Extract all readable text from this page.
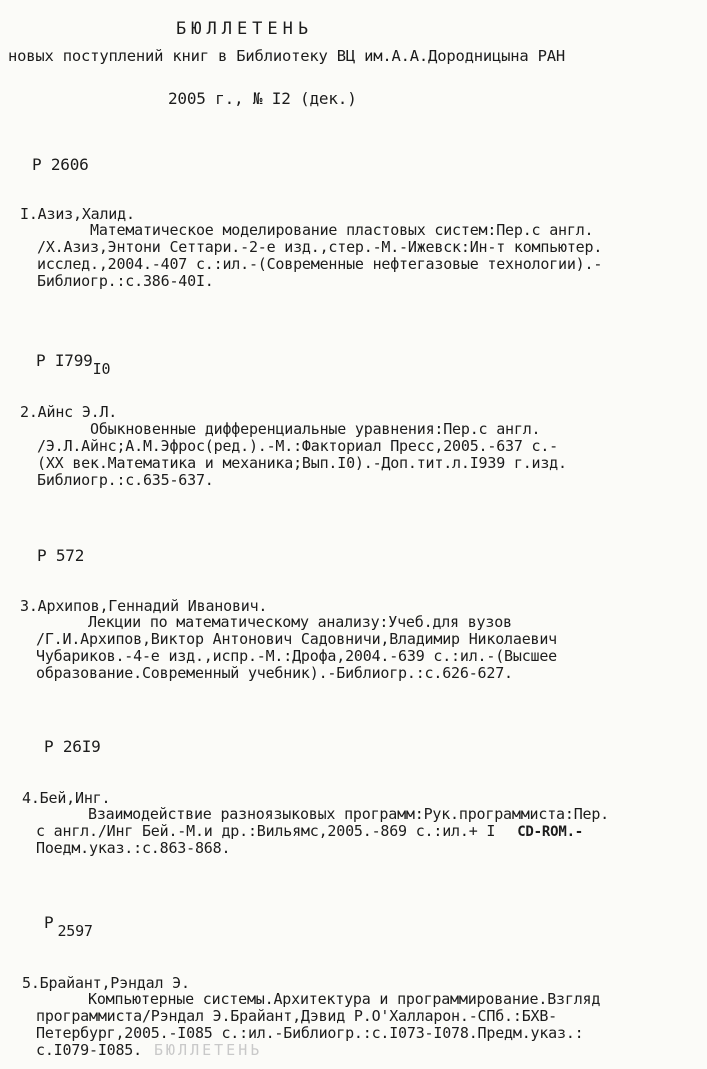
БЮЛЛЕТЕНЬ
новых поступлений книг в Библиотеку ВЦ им.А.А.Дородницына РАН
2005 г., № I2 (дек.)
Р 2606
I.Азиз,Халид.
Математическое моделирование пластовых систем:Пер.с англ.
/Х.Азиз,Энтони Сеттари.-2-е изд.,стер.-М.-Ижевск:Ин-т компьютер.
исслед.,2004.-407 с.:ил.-(Современные нефтегазовые технологии).-
Библиогр.:с.386-40I.
Р I799I0
2.Айнс Э.Л.
Обыкновенные дифференциальные уравнения:Пер.с англ.
/Э.Л.Айнс;А.М.Эфрос(ред.).-М.:Факториал Пресс,2005.-637 с.-
(XX век.Математика и механика;Вып.I0).-Доп.тит.л.I939 г.изд.
Библиогр.:с.635-637.
Р 572
3.Архипов,Геннадий Иванович.
Лекции по математическому анализу:Учеб.для вузов
/Г.И.Архипов,Виктор Антонович Садовничи,Владимир Николаевич
Чубариков.-4-е изд.,испр.-М.:Дрофа,2004.-639 с.:ил.-(Высшее
образование.Современный учебник).-Библиогр.:с.626-627.
Р 26I9
4.Бей,Инг.
Взаимодействие разноязыковых программ:Рук.программиста:Пер.
с англ./Инг Бей.-М.и др.:Вильямс,2005.-869 с.:ил.+ I CD-ROM.-
Поедм.указ.:с.863-868.
Р 2597
5.Брайант,Рэндал Э.
Компьютерные системы.Архитектура и программирование.Взгляд
программиста/Рэндал Э.Брайант,Дэвид Р.О'Халларон.-СПб.:БХВ-
Петербург,2005.-I085 с.:ил.-Библиогр.:с.I073-I078.Предм.указ.:
с.I079-I085. БЮЛЛЕТЕНЬ
